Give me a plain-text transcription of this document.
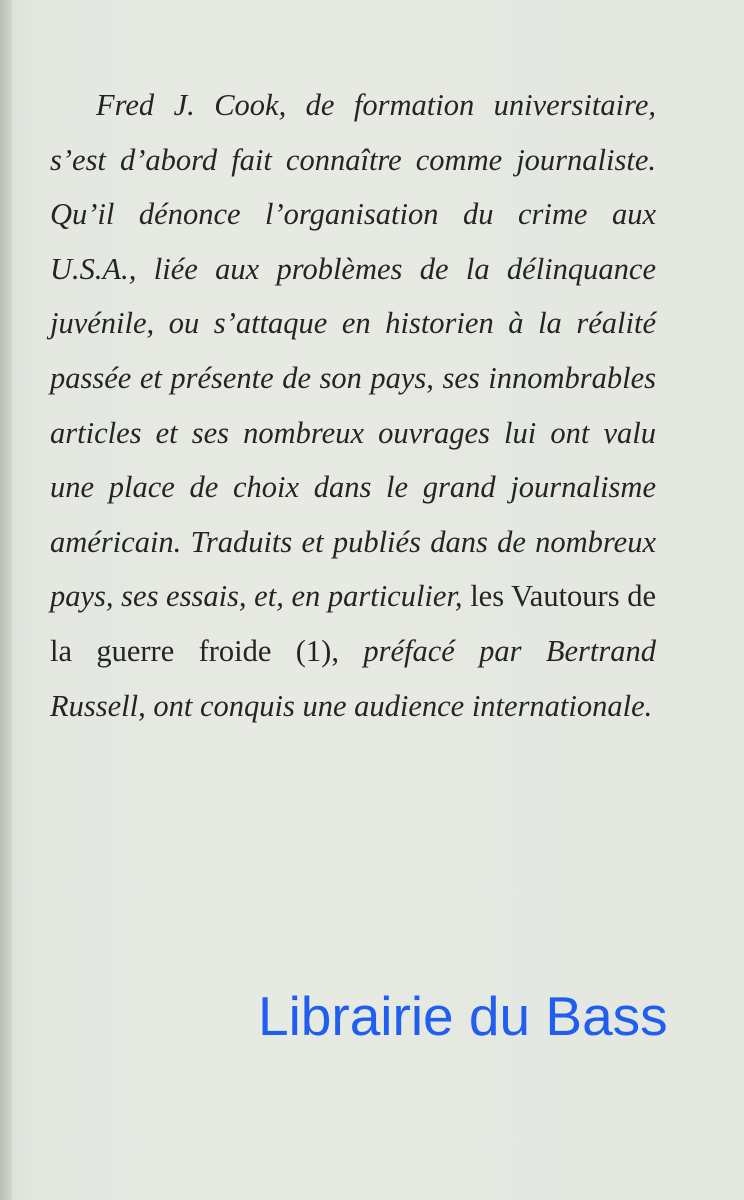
Fred J. Cook, de formation universitaire, s’est d’abord fait connaître comme journaliste. Qu’il dénonce l’organisation du crime aux U.S.A., liée aux problèmes de la délinquance juvénile, ou s’attaque en historien à la réalité passée et présente de son pays, ses innombrables articles et ses nombreux ouvrages lui ont valu une place de choix dans le grand journalisme américain. Traduits et publiés dans de nombreux pays, ses essais, et, en particulier, les Vautours de la guerre froide (1), préfacé par Bertrand Russell, ont conquis une audience internationale.

Librairie du Bass
